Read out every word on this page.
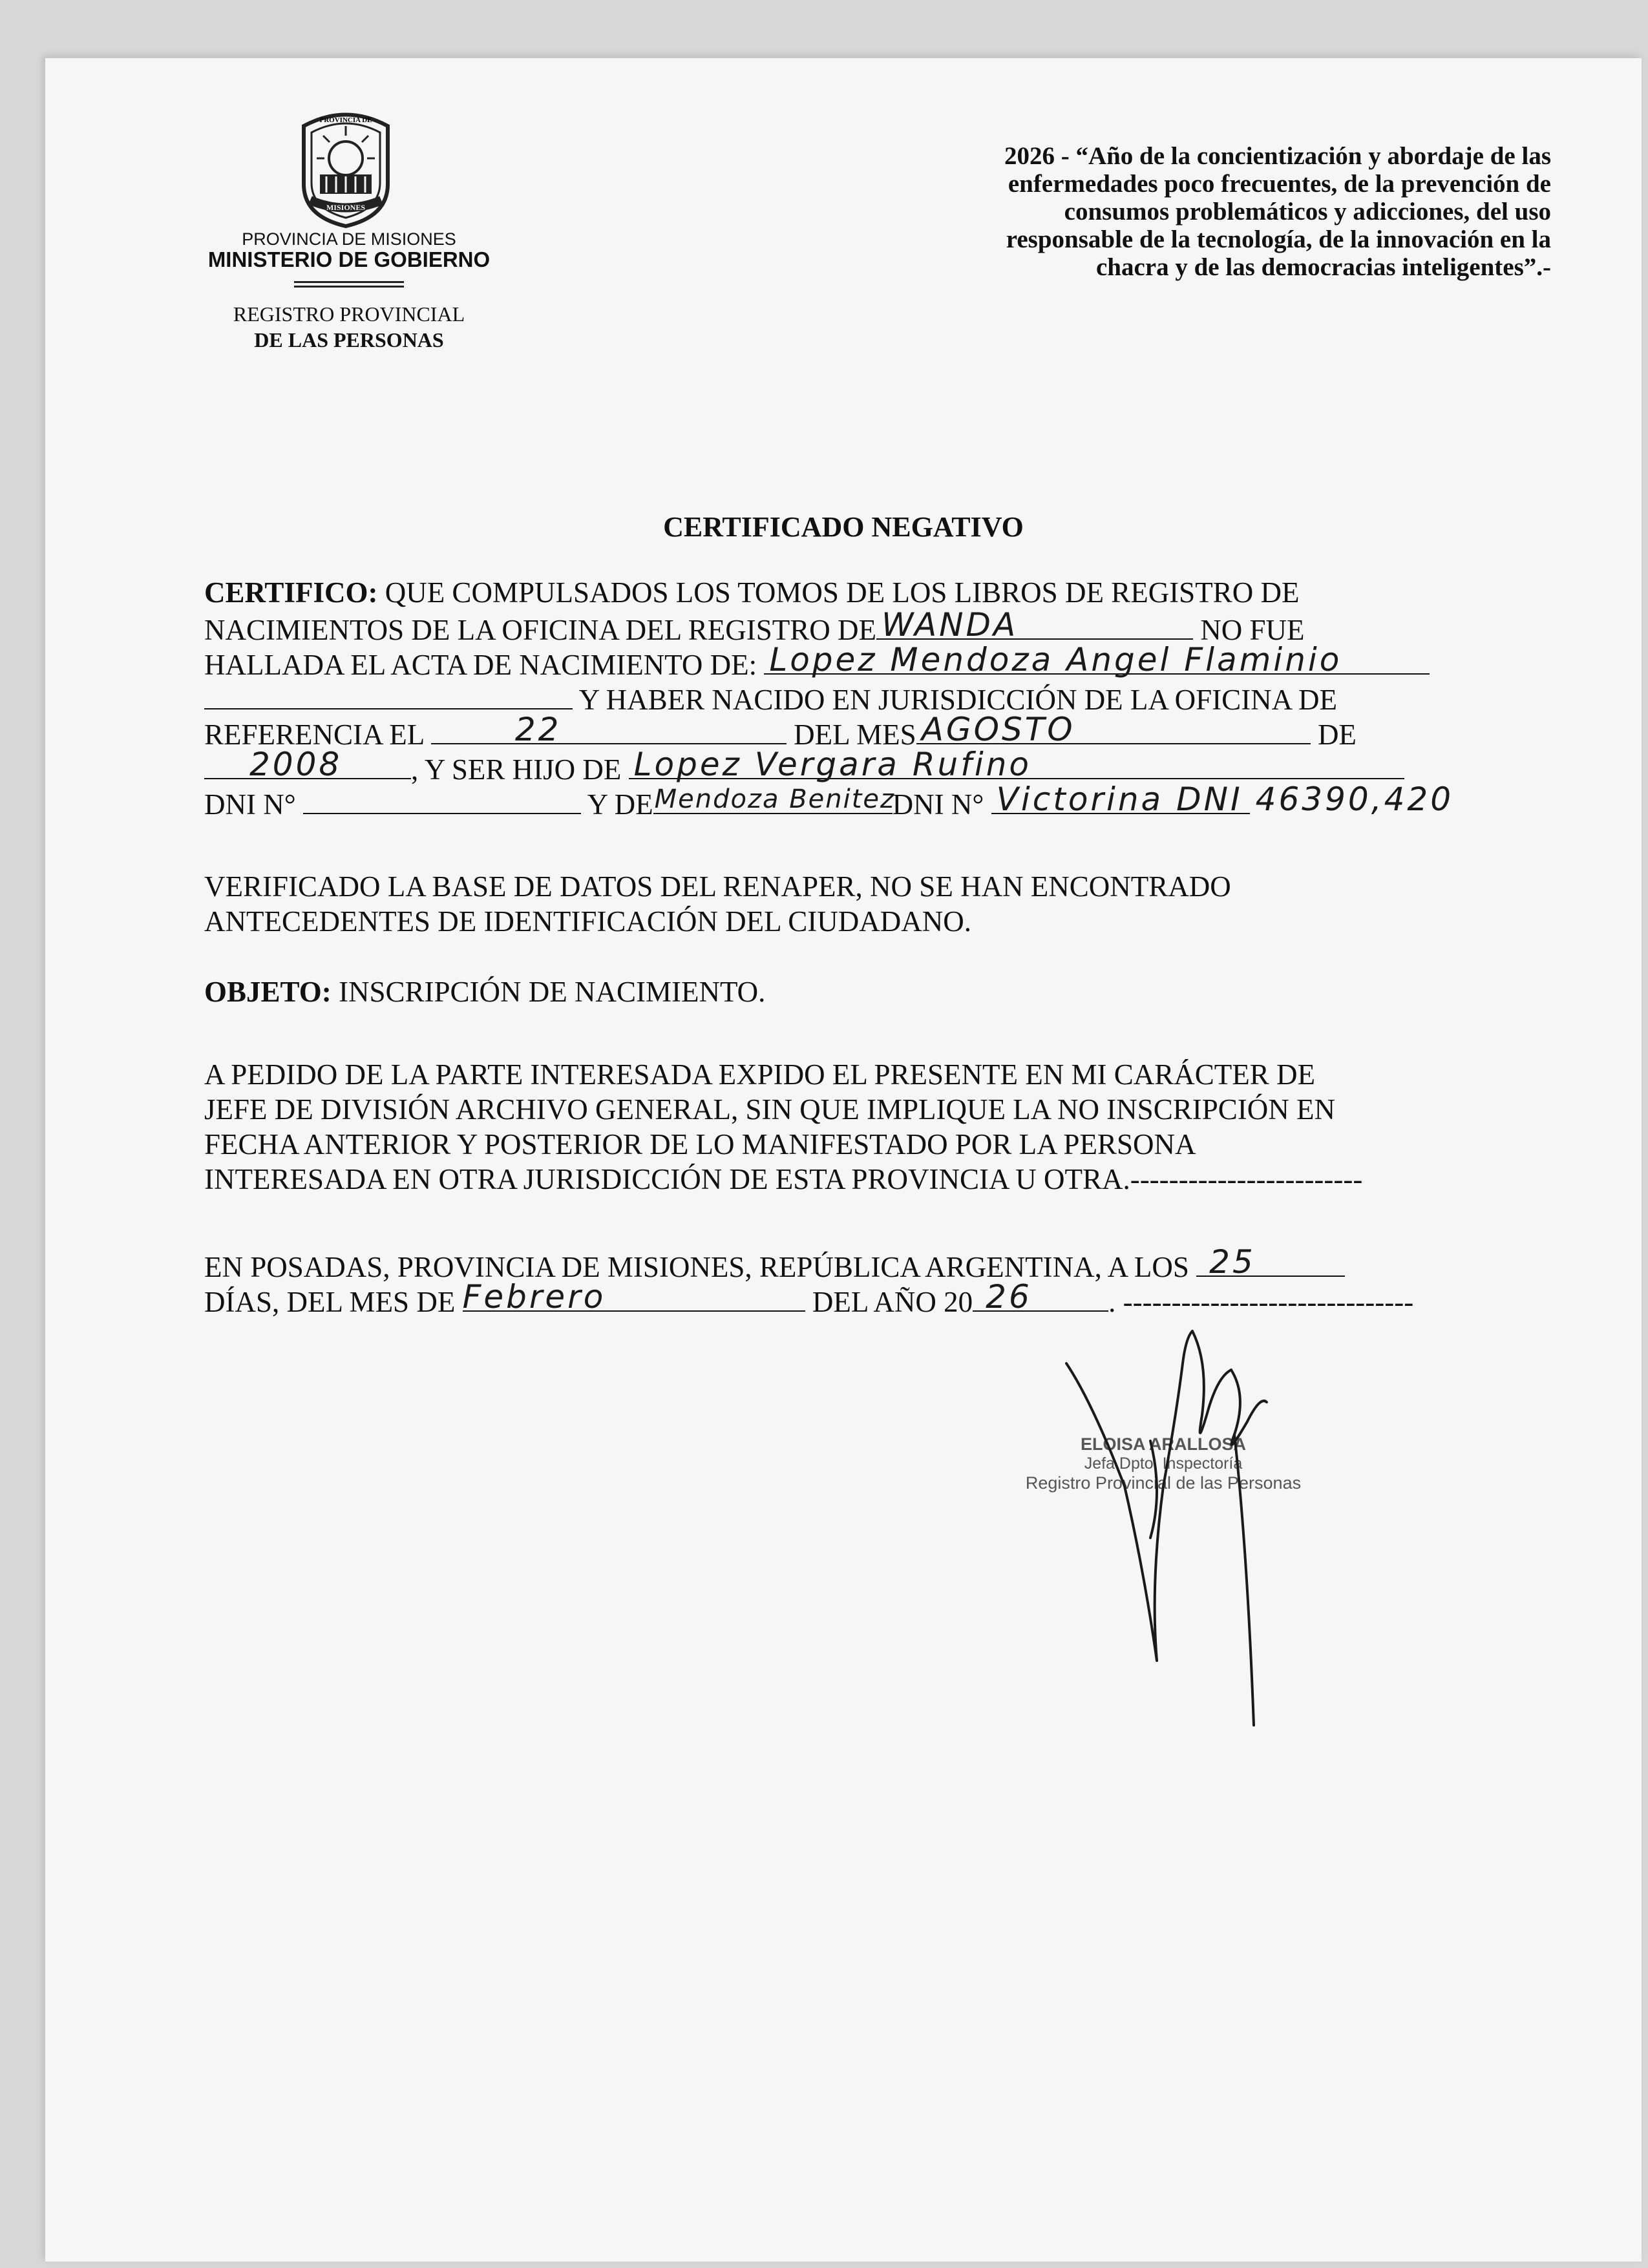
PROVINCIA DE
MISIONES
PROVINCIA DE MISIONES
MINISTERIO DE GOBIERNO
REGISTRO PROVINCIAL
DE LAS PERSONAS
2026 - “Año de la concientización y abordaje de las
enfermedades poco frecuentes, de la prevención de
consumos problemáticos y adicciones, del uso
responsable de la tecnología, de la innovación en la
chacra y de las democracias inteligentes”.-
CERTIFICADO NEGATIVO
CERTIFICO: QUE COMPULSADOS LOS TOMOS DE LOS LIBROS DE REGISTRO DE
NACIMIENTOS DE LA OFICINA DEL REGISTRO DE WANDA	NO FUE
HALLADA EL ACTA DE NACIMIENTO DE: Lopez Mendoza Angel Flaminio
Y HABER NACIDO EN JURISDICCIÓN DE LA OFICINA DE
REFERENCIA EL	22	DEL MES AGOSTO	DE
2008 , Y SER HIJO DE Lopez Vergara Rufino
DNI N°	Y DE Mendoza Benitez
DNI N° Victorina DNI 46390,420
VERIFICADO LA BASE DE DATOS DEL RENAPER, NO SE HAN ENCONTRADO
ANTECEDENTES DE IDENTIFICACIÓN DEL CIUDADANO.
OBJETO: INSCRIPCIÓN DE NACIMIENTO.
A PEDIDO DE LA PARTE INTERESADA EXPIDO EL PRESENTE EN MI CARÁCTER DE
JEFE DE DIVISIÓN ARCHIVO GENERAL, SIN QUE IMPLIQUE LA NO INSCRIPCIÓN EN
FECHA ANTERIOR Y POSTERIOR DE LO MANIFESTADO POR LA PERSONA
INTERESADA EN OTRA JURISDICCIÓN DE ESTA PROVINCIA U OTRA.------------------------
EN POSADAS, PROVINCIA DE MISIONES, REPÚBLICA ARGENTINA, A LOS 25
DÍAS, DEL MES DE Febrero	DEL AÑO 20 26	. ------------------------------
ELOISA ARALLOSA
Jefa Dpto. Inspectoría
Registro Provincial de las Personas
